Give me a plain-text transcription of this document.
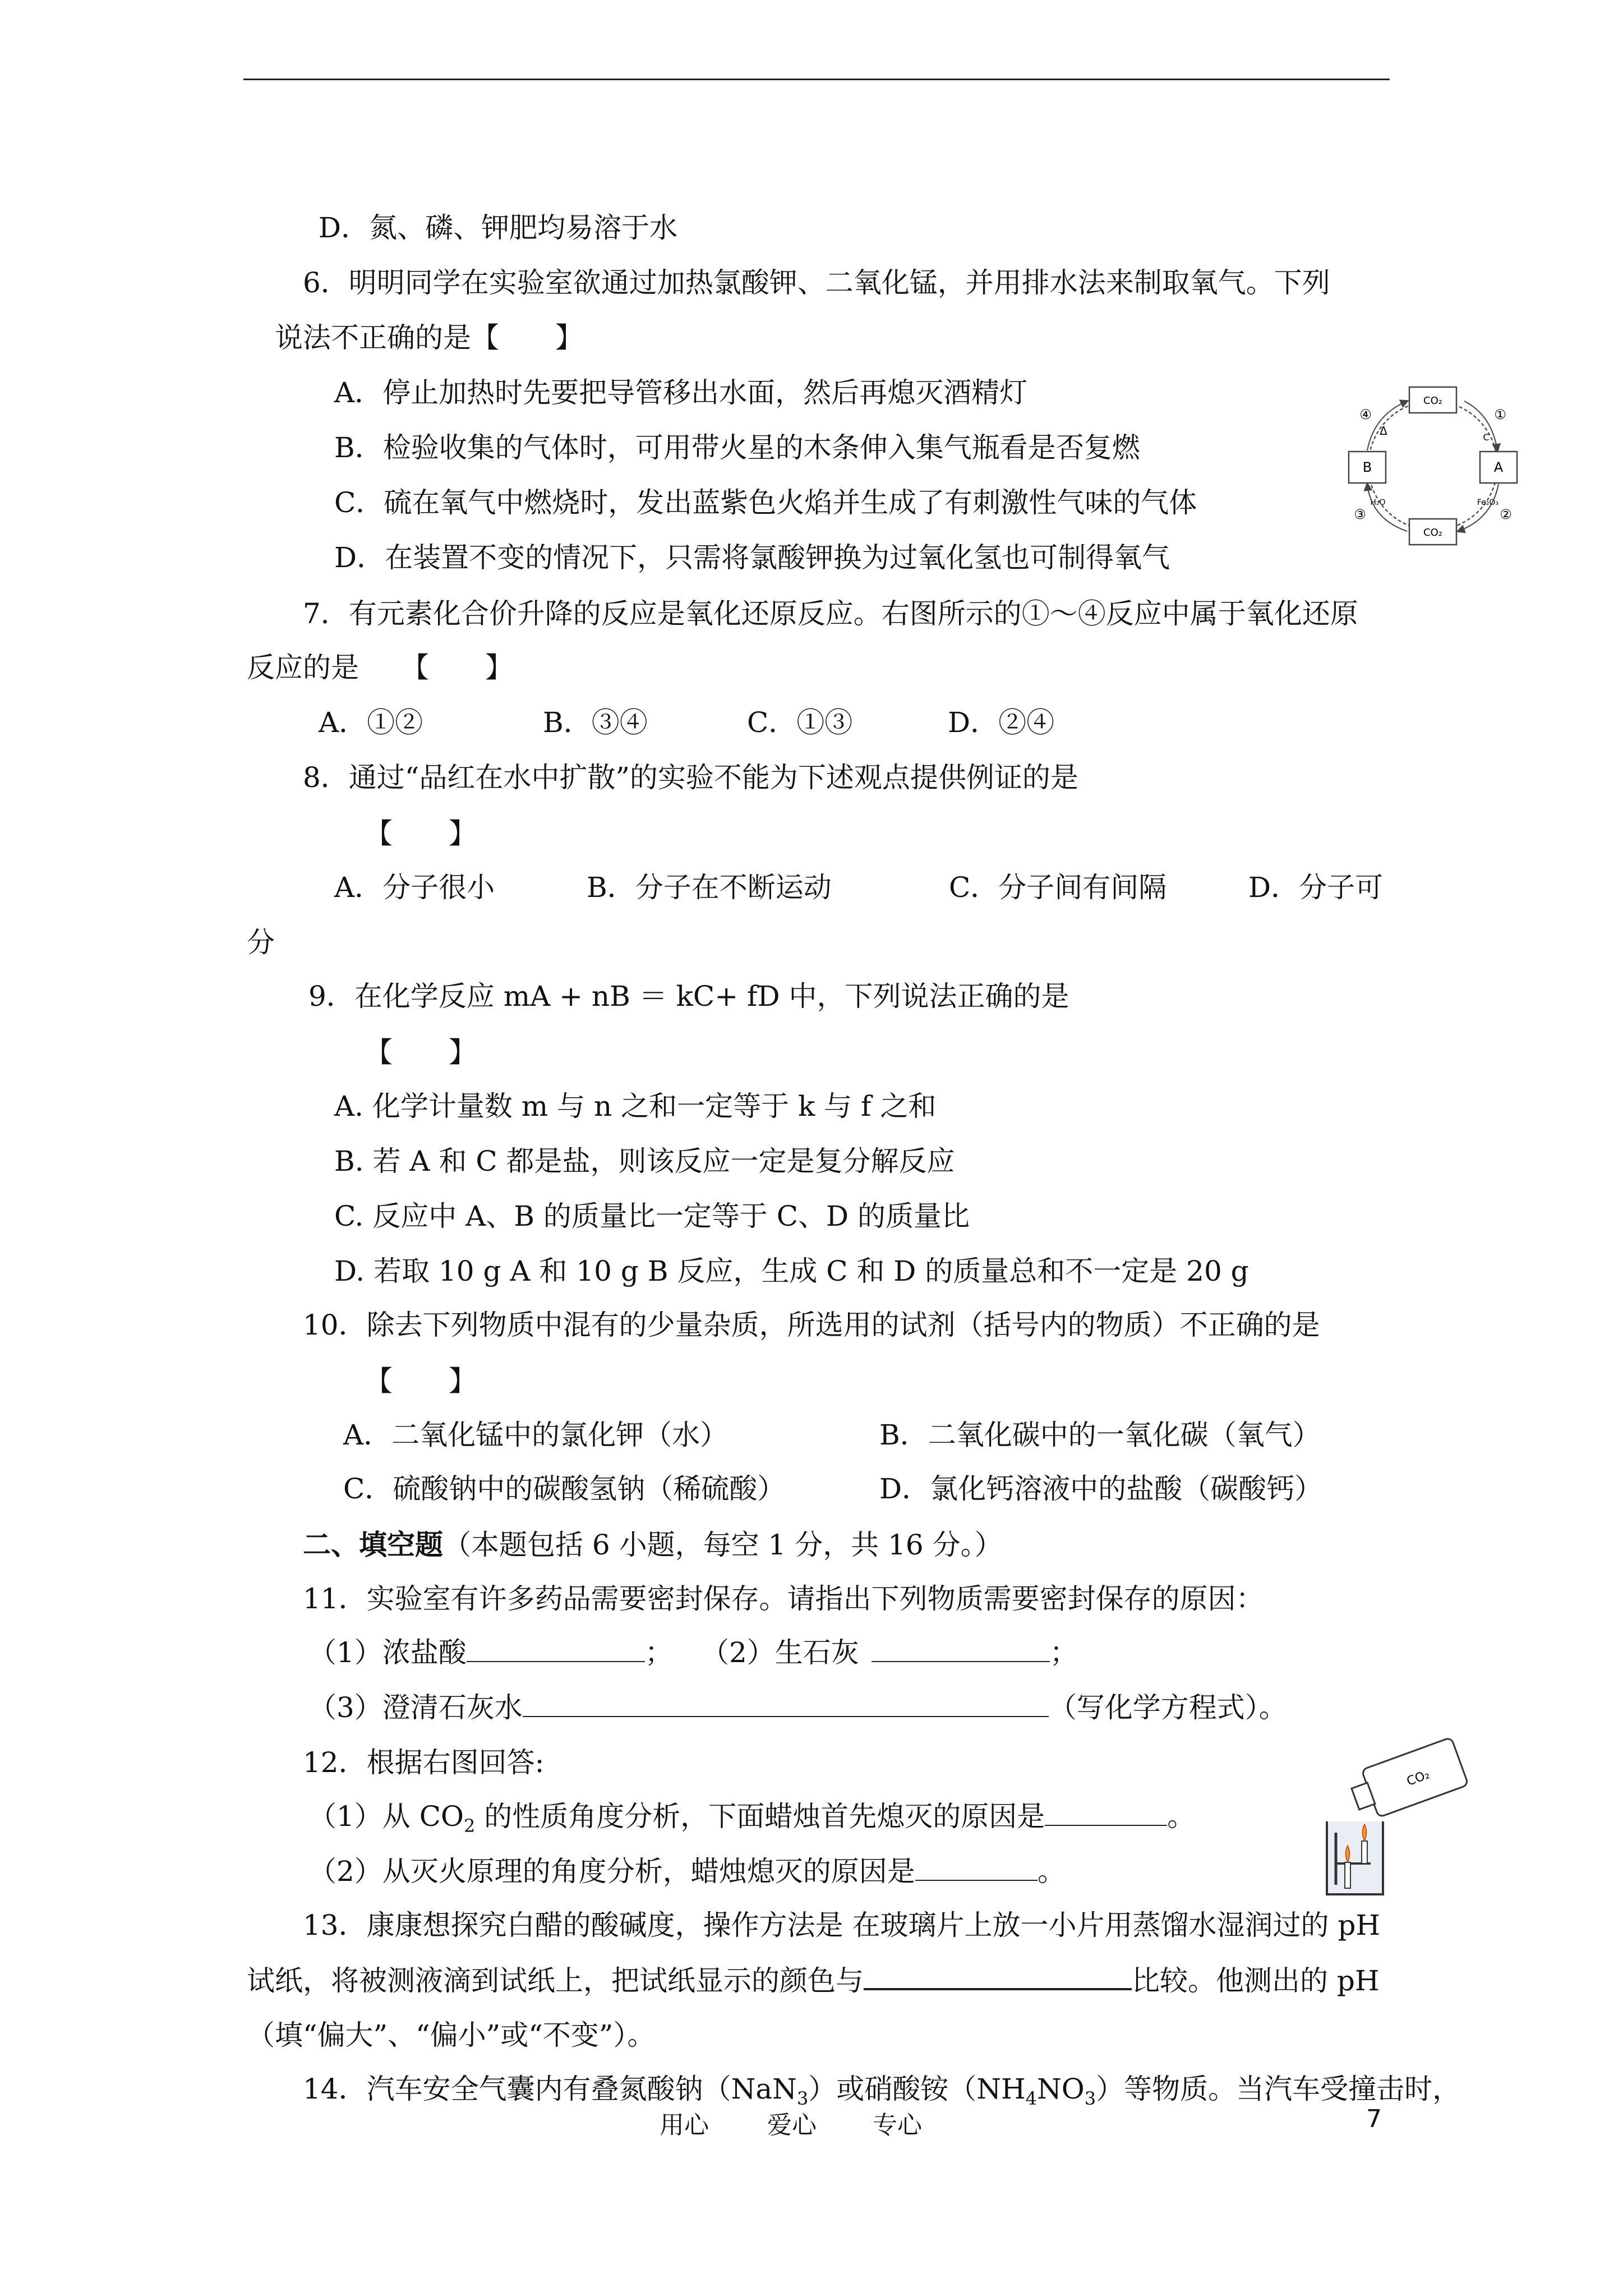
D．氮、磷、钾肥均易溶于水
6．明明同学在实验室欲通过加热氯酸钾、二氧化锰，并用排水法来制取氧气。下列
说法不正确的是【　　】
A．停止加热时先要把导管移出水面，然后再熄灭酒精灯
B．检验收集的气体时，可用带火星的木条伸入集气瓶看是否复燃
C．硫在氧气中燃烧时，发出蓝紫色火焰并生成了有刺激性气味的气体
D．在装置不变的情况下，只需将氯酸钾换为过氧化氢也可制得氧气
CO₂
CO₂
B	A
①
C
②
Fe₂O₃
③
H₂O
④
Δ
7．有元素化合价升降的反应是氧化还原反应。右图所示的①～④反应中属于氧化还原
反应的是　　【　　】
A．①②	B．③④	C．①③	D．②④
8．通过“品红在水中扩散”的实验不能为下述观点提供例证的是
【　　】
A．分子很小	B．分子在不断运动	C．分子间有间隔	D．分子可
分
9．在化学反应 mA + nB ＝ kC+ fD 中，下列说法正确的是
【　　】
A. 化学计量数 m 与 n 之和一定等于 k 与 f 之和
B. 若 A 和 C 都是盐，则该反应一定是复分解反应
C. 反应中 A、B 的质量比一定等于 C、D 的质量比
D. 若取 10 g A 和 10 g B 反应，生成 C 和 D 的质量总和不一定是 20 g
10．除去下列物质中混有的少量杂质，所选用的试剂（括号内的物质）不正确的是
【　　】
A．二氧化锰中的氯化钾（水）	B．二氧化碳中的一氧化碳（氧气）
C．硫酸钠中的碳酸氢钠（稀硫酸）	D．氯化钙溶液中的盐酸（碳酸钙）
二、填空题（本题包括 6 小题，每空 1 分，共 16 分。）
11．实验室有许多药品需要密封保存。请指出下列物质需要密封保存的原因：
（1）浓盐酸	； （2）生石灰	；
（3）澄清石灰水	（写化学方程式）。
12．根据右图回答:
（1）从 $CO_2$ 的性质角度分析，下面蜡烛首先熄灭的原因是	。
（2）从灭火原理的角度分析，蜡烛熄灭的原因是	。
CO₂
13．康康想探究白醋的酸碱度，操作方法是 在玻璃片上放一小片用蒸馏水湿润过的 pH
试纸，将被测液滴到试纸上，把试纸显示的颜色与	比较。他测出的 pH
（填“偏大”、“偏小”或“不变”）。
14．汽车安全气囊内有叠氮酸钠（NaN$_3$）或硝酸铵$(NH_4NO_3)$等物质。当汽车受撞击时，
用心 爱心 专心	7
